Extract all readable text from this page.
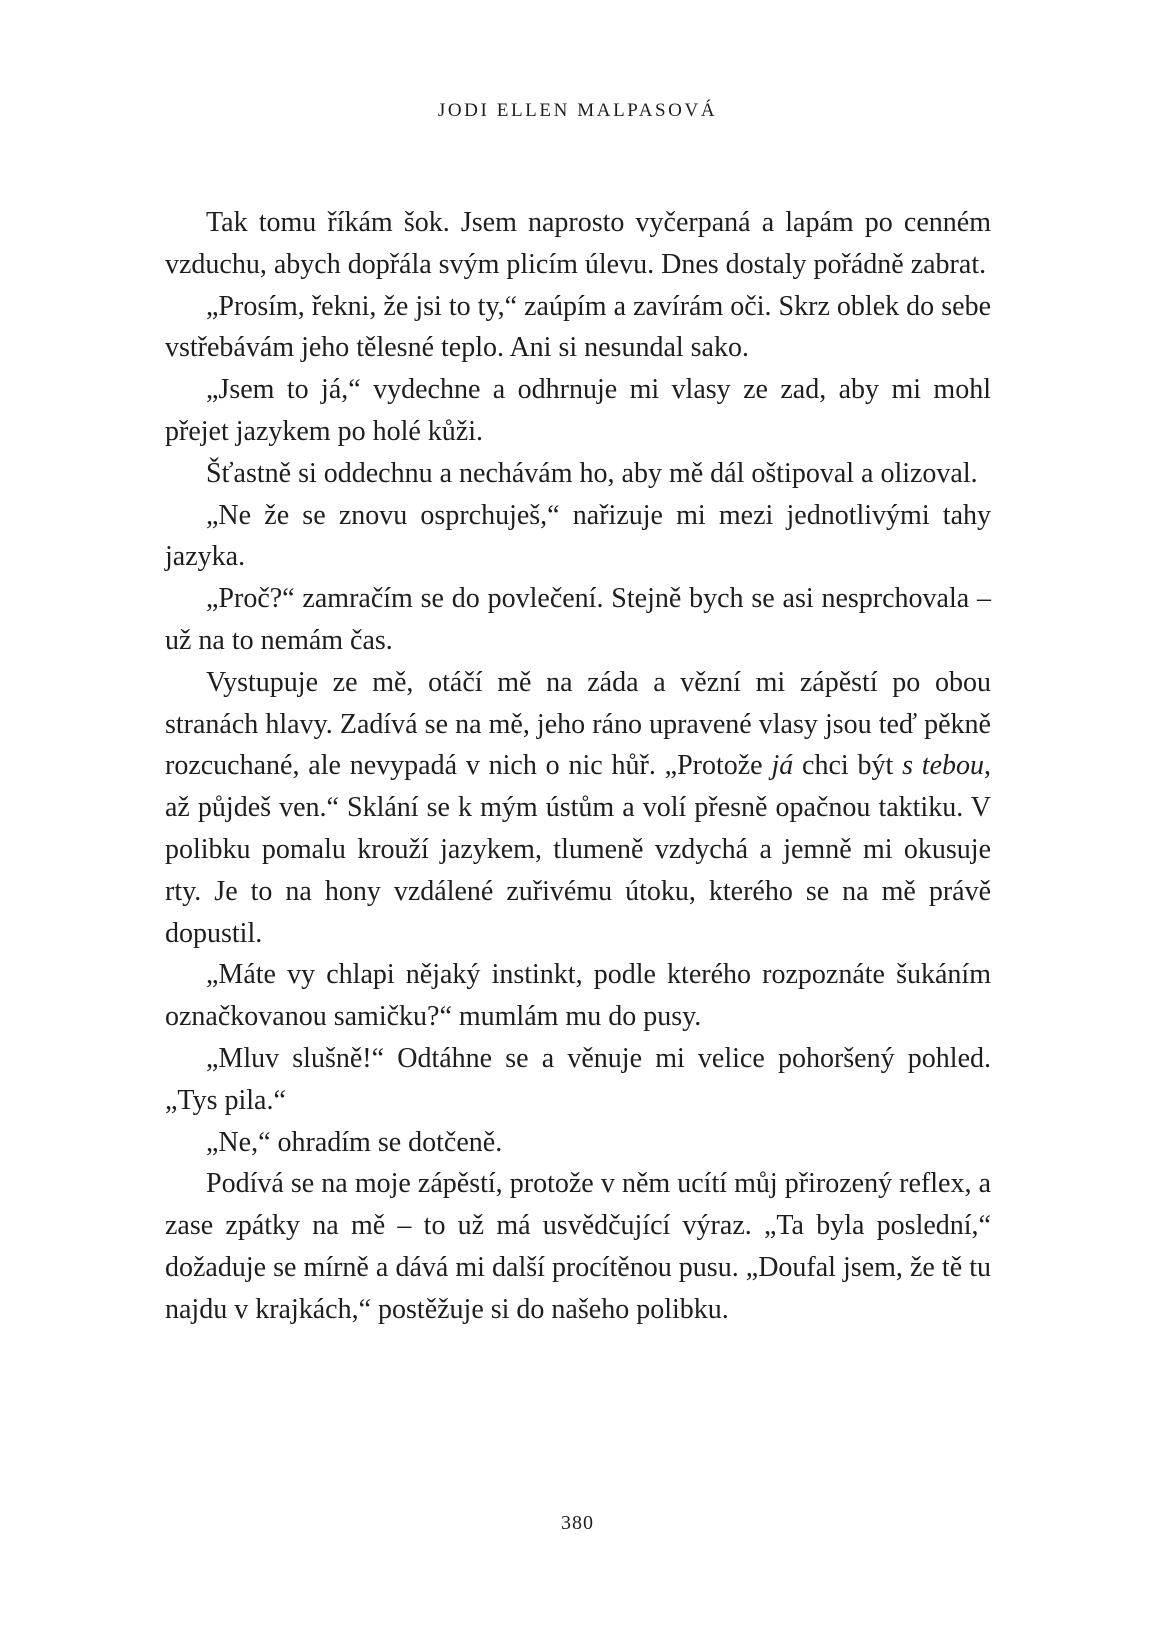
JODI ELLEN MALPASOVÁ

Tak tomu říkám šok. Jsem naprosto vyčerpaná a lapám po cenném vzduchu, abych dopřála svým plicím úlevu. Dnes dostaly pořádně zabrat.

„Prosím, řekni, že jsi to ty,“ zaúpím a zavírám oči. Skrz oblek do sebe vstřebávám jeho tělesné teplo. Ani si nesundal sako.

„Jsem to já,“ vydechne a odhrnuje mi vlasy ze zad, aby mi mohl přejet jazykem po holé kůži.

Šťastně si oddechnu a nechávám ho, aby mě dál oštipoval a olizoval.

„Ne že se znovu osprchuješ,“ nařizuje mi mezi jednotlivými tahy jazyka.

„Proč?“ zamračím se do povlečení. Stejně bych se asi nesprchovala – už na to nemám čas.

Vystupuje ze mě, otáčí mě na záda a vězní mi zápěstí po obou stranách hlavy. Zadívá se na mě, jeho ráno upravené vlasy jsou teď pěkně rozcuchané, ale nevypadá v nich o nic hůř. „Protože já chci být s tebou, až půjdeš ven.“ Sklání se k mým ústům a volí přesně opačnou taktiku. V polibku pomalu krouží jazykem, tlumeně vzdychá a jemně mi okusuje rty. Je to na hony vzdálené zuřivému útoku, kterého se na mě právě dopustil.

„Máte vy chlapi nějaký instinkt, podle kterého rozpoznáte šukáním označkovanou samičku?“ mumlám mu do pusy.

„Mluv slušně!“ Odtáhne se a věnuje mi velice pohoršený pohled. „Tys pila.“

„Ne,“ ohradím se dotčeně.

Podívá se na moje zápěstí, protože v něm ucítí můj přirozený reflex, a zase zpátky na mě – to už má usvědčující výraz. „Ta byla poslední,“ dožaduje se mírně a dává mi další procítěnou pusu. „Doufal jsem, že tě tu najdu v krajkách,“ postěžuje si do našeho polibku.

380
